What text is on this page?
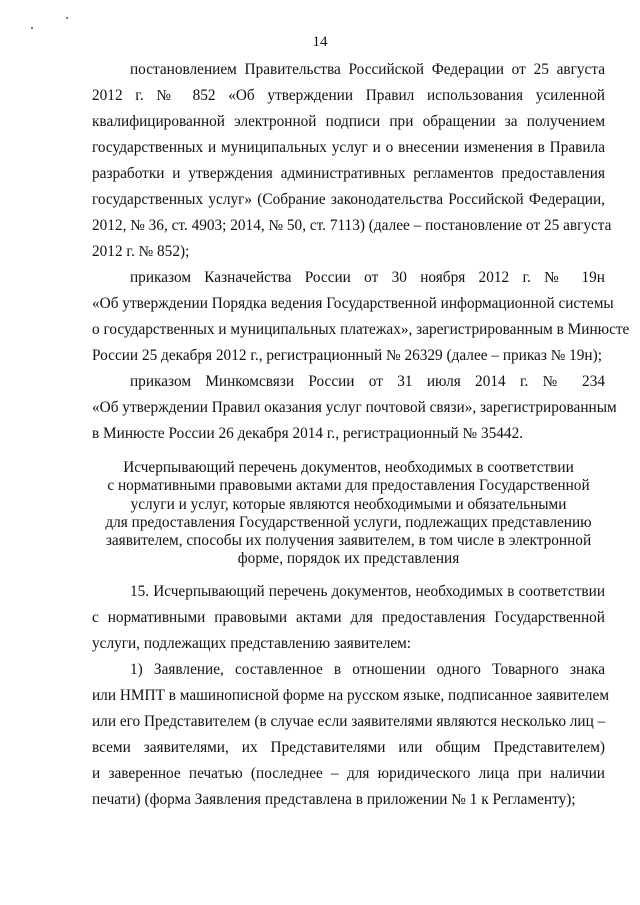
14
постановлением Правительства Российской Федерации от 25 августа
2012 г. № 852 «Об утверждении Правил использования усиленной
квалифицированной электронной подписи при обращении за получением
государственных и муниципальных услуг и о внесении изменения в Правила
разработки и утверждения административных регламентов предоставления
государственных услуг» (Собрание законодательства Российской Федерации,
2012, № 36, ст. 4903; 2014, № 50, ст. 7113) (далее – постановление от 25 августа
2012 г. № 852);
приказом Казначейства России от 30 ноября 2012 г. № 19н
«Об утверждении Порядка ведения Государственной информационной системы
о государственных и муниципальных платежах», зарегистрированным в Минюсте
России 25 декабря 2012 г., регистрационный № 26329 (далее – приказ № 19н);
приказом Минкомсвязи России от 31 июля 2014 г. № 234
«Об утверждении Правил оказания услуг почтовой связи», зарегистрированным
в Минюсте России 26 декабря 2014 г., регистрационный № 35442.
Исчерпывающий перечень документов, необходимых в соответствии
с нормативными правовыми актами для предоставления Государственной
услуги и услуг, которые являются необходимыми и обязательными
для предоставления Государственной услуги, подлежащих представлению
заявителем, способы их получения заявителем, в том числе в электронной
форме, порядок их представления
15. Исчерпывающий перечень документов, необходимых в соответствии
с нормативными правовыми актами для предоставления Государственной
услуги, подлежащих представлению заявителем:
1) Заявление, составленное в отношении одного Товарного знака
или НМПТ в машинописной форме на русском языке, подписанное заявителем
или его Представителем (в случае если заявителями являются несколько лиц –
всеми заявителями, их Представителями или общим Представителем)
и заверенное печатью (последнее – для юридического лица при наличии
печати) (форма Заявления представлена в приложении № 1 к Регламенту);
